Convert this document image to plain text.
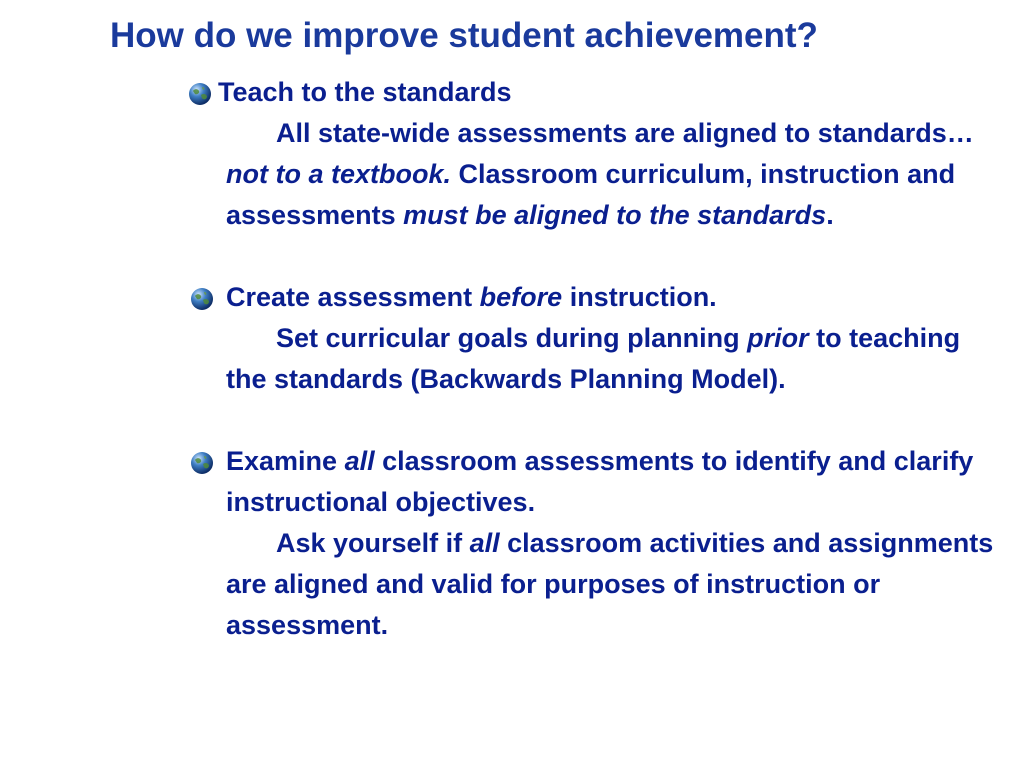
How do we improve student achievement?
Teach to the standards
All state-wide assessments are aligned to standards… not to a textbook. Classroom curriculum, instruction and assessments must be aligned to the standards.
Create assessment before instruction.
Set curricular goals during planning prior to teaching the standards (Backwards Planning Model).
Examine all classroom assessments to identify and clarify instructional objectives.
Ask yourself if all classroom activities and assignments are aligned and valid for purposes of instruction or assessment.
